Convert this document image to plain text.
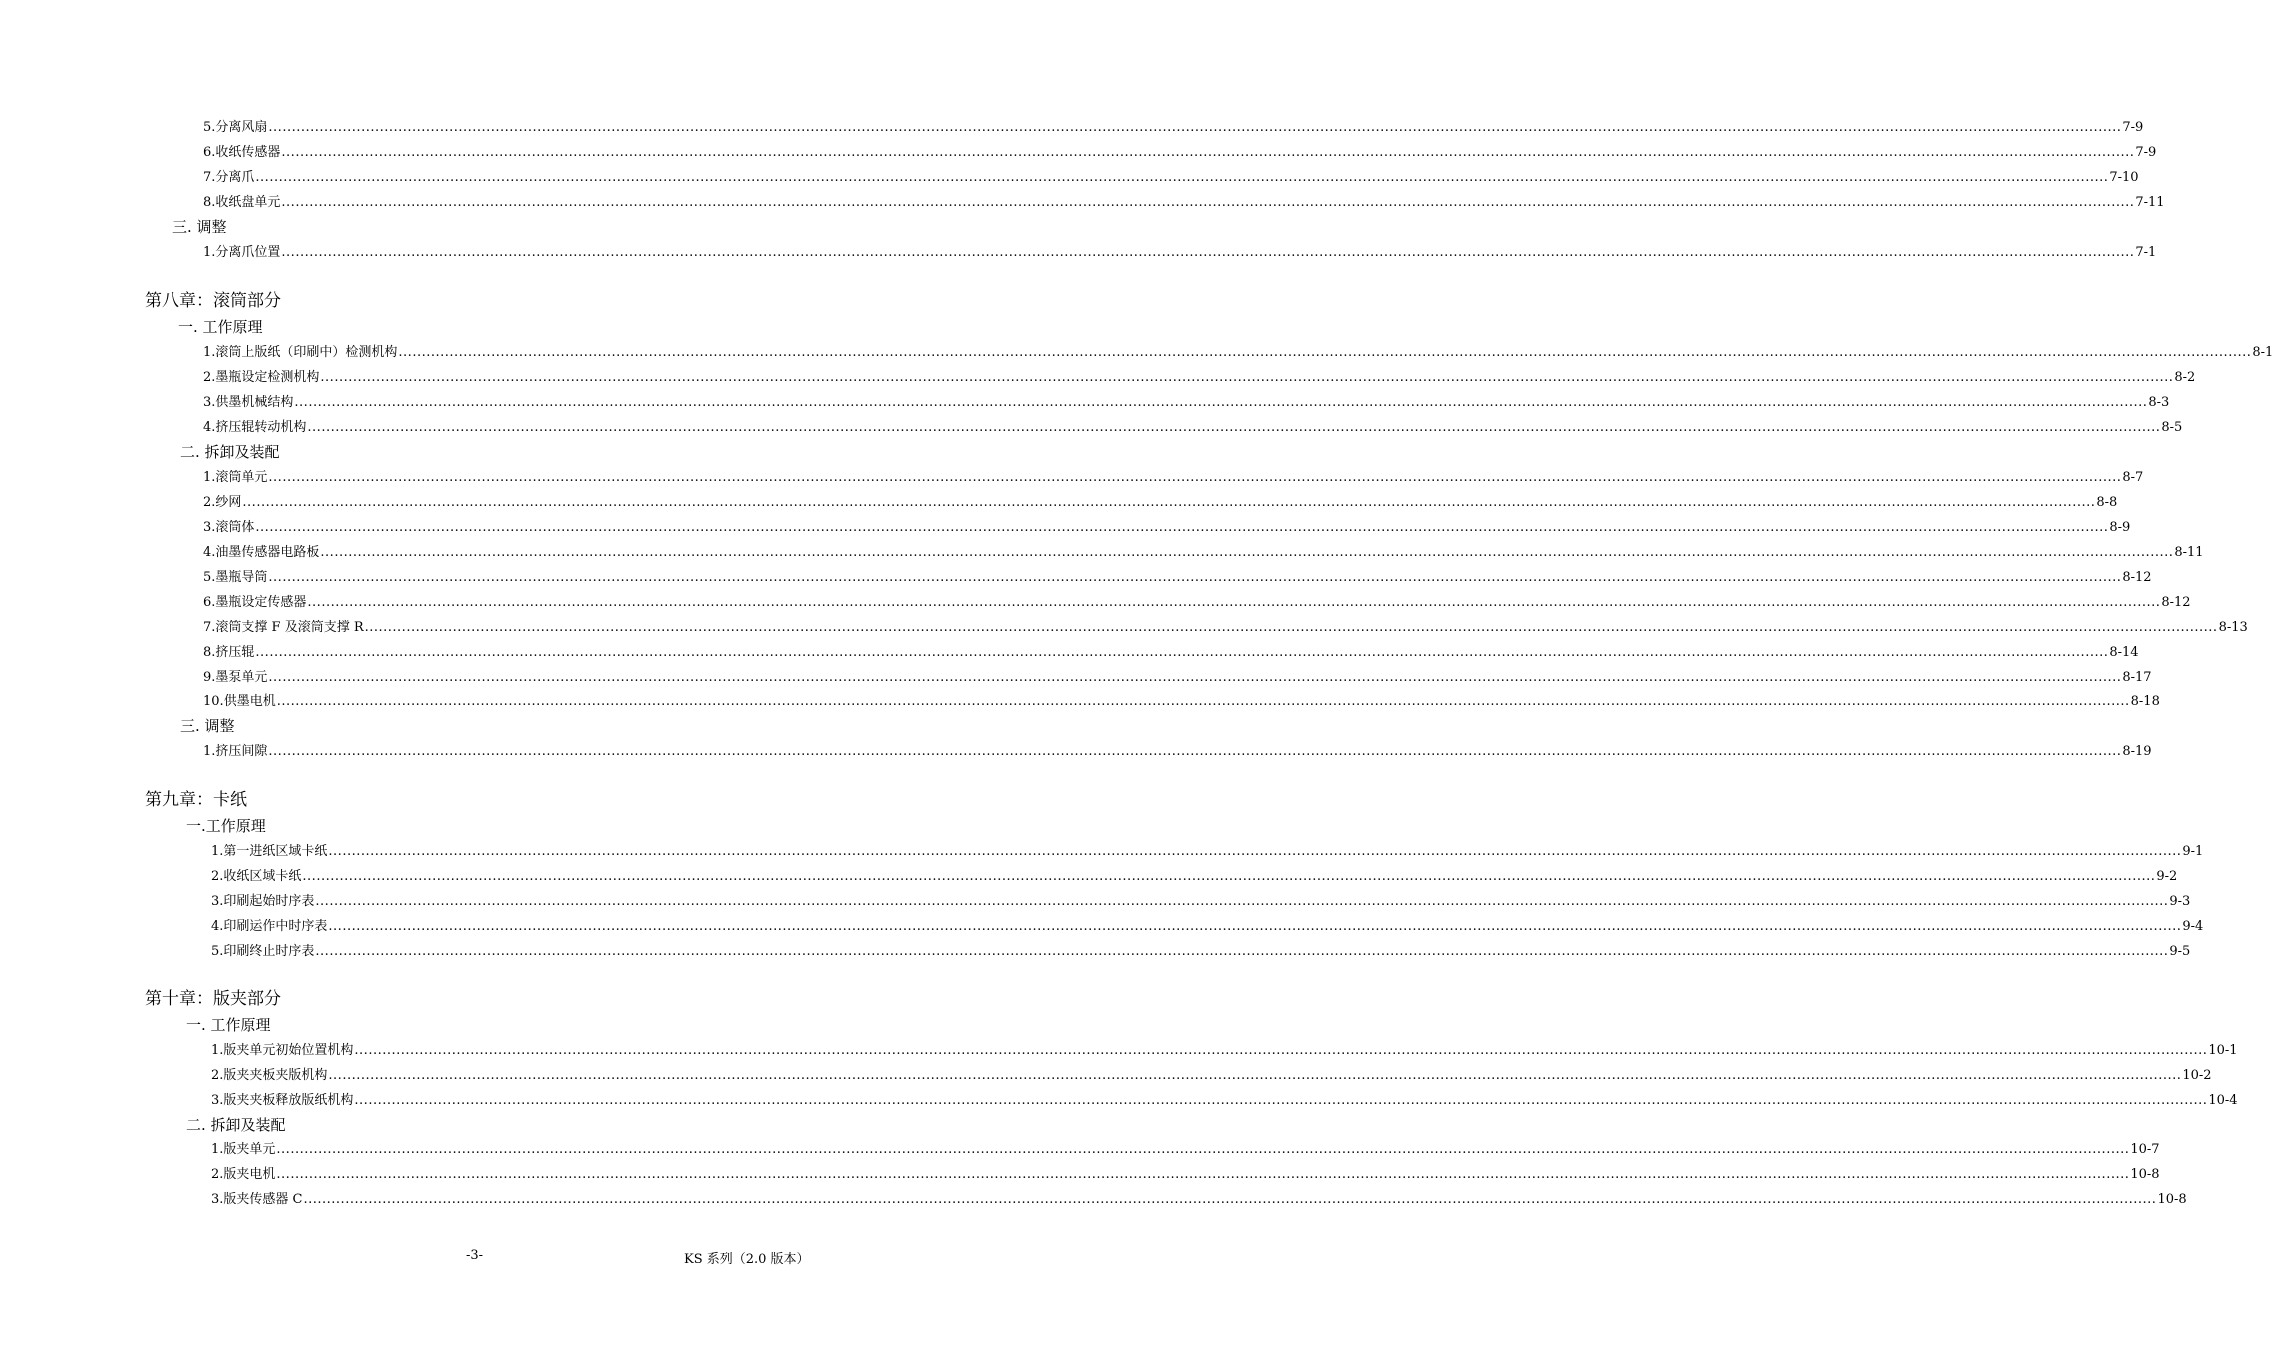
5. 分离风扇 ................................................................................................................................................................................................................................................................................................................................................................................................................ 7-9
6. 收纸传感器 ................................................................................................................................................................................................................................................................................................................................................................................................................ 7-9
7. 分离爪 ................................................................................................................................................................................................................................................................................................................................................................................................................ 7-10
8. 收纸盘单元 ................................................................................................................................................................................................................................................................................................................................................................................................................ 7-11
三. 调整
1. 分离爪位置 ................................................................................................................................................................................................................................................................................................................................................................................................................ 7-1
第八章：滚筒部分
一. 工作原理
1. 滚筒上版纸（印刷中）检测机构 ................................................................................................................................................................................................................................................................................................................................................................................................................ 8-1
2. 墨瓶设定检测机构 ................................................................................................................................................................................................................................................................................................................................................................................................................ 8-2
3. 供墨机械结构 ................................................................................................................................................................................................................................................................................................................................................................................................................ 8-3
4. 挤压辊转动机构 ................................................................................................................................................................................................................................................................................................................................................................................................................ 8-5
二. 拆卸及装配
1. 滚筒单元 ................................................................................................................................................................................................................................................................................................................................................................................................................ 8-7
2. 纱网 ................................................................................................................................................................................................................................................................................................................................................................................................................ 8-8
3. 滚筒体 ................................................................................................................................................................................................................................................................................................................................................................................................................ 8-9
4. 油墨传感器电路板 ................................................................................................................................................................................................................................................................................................................................................................................................................ 8-11
5. 墨瓶导筒 ................................................................................................................................................................................................................................................................................................................................................................................................................ 8-12
6. 墨瓶设定传感器 ................................................................................................................................................................................................................................................................................................................................................................................................................ 8-12
7. 滚筒支撑 F 及滚筒支撑 R ................................................................................................................................................................................................................................................................................................................................................................................................................ 8-13
8. 挤压辊 ................................................................................................................................................................................................................................................................................................................................................................................................................ 8-14
9. 墨泵单元 ................................................................................................................................................................................................................................................................................................................................................................................................................ 8-17
10. 供墨电机 ................................................................................................................................................................................................................................................................................................................................................................................................................ 8-18
三. 调整
1. 挤压间隙 ................................................................................................................................................................................................................................................................................................................................................................................................................ 8-19
第九章：卡纸
一.工作原理
1. 第一进纸区域卡纸 ................................................................................................................................................................................................................................................................................................................................................................................................................ 9-1
2. 收纸区域卡纸 ................................................................................................................................................................................................................................................................................................................................................................................................................ 9-2
3. 印刷起始时序表 ................................................................................................................................................................................................................................................................................................................................................................................................................ 9-3
4. 印刷运作中时序表 ................................................................................................................................................................................................................................................................................................................................................................................................................ 9-4
5. 印刷终止时序表 ................................................................................................................................................................................................................................................................................................................................................................................................................ 9-5
第十章：版夹部分
一. 工作原理
1. 版夹单元初始位置机构 ................................................................................................................................................................................................................................................................................................................................................................................................................ 10-1
2. 版夹夹板夹版机构 ................................................................................................................................................................................................................................................................................................................................................................................................................ 10-2
3. 版夹夹板释放版纸机构 ................................................................................................................................................................................................................................................................................................................................................................................................................ 10-4
二. 拆卸及装配
1. 版夹单元 ................................................................................................................................................................................................................................................................................................................................................................................................................ 10-7
2. 版夹电机 ................................................................................................................................................................................................................................................................................................................................................................................................................ 10-8
3. 版夹传感器 C ................................................................................................................................................................................................................................................................................................................................................................................................................ 10-8
-3-	KS 系列（2.0 版本）
